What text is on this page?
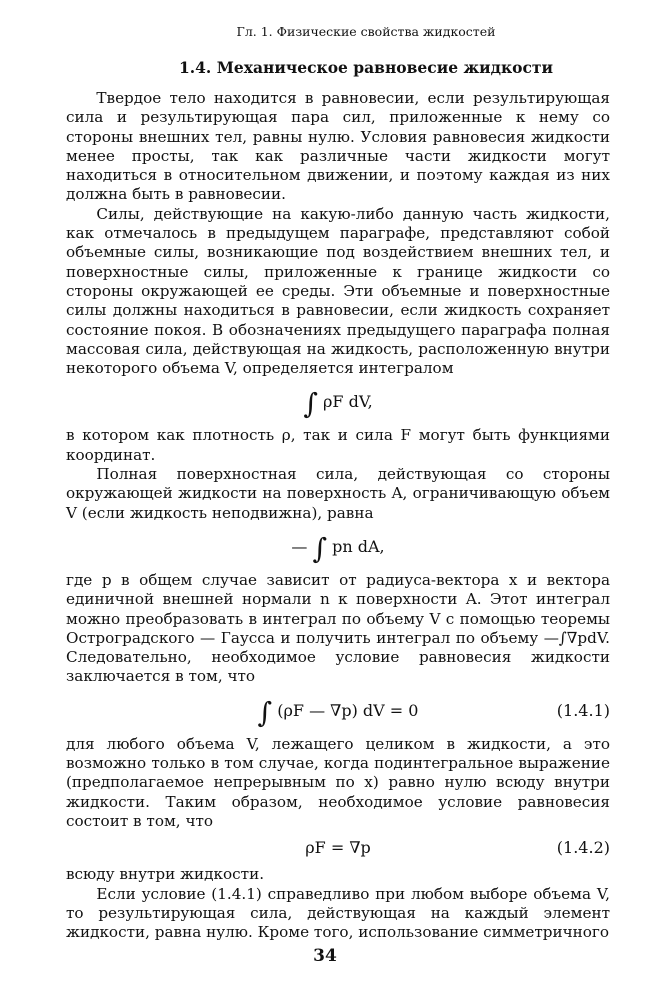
Гл. 1. Физические свойства жидкостей
1.4. Механическое равновесие жидкости

Твердое тело находится в равновесии, если результирующая сила и результирующая пара сил, приложенные к нему со стороны внешних тел, равны нулю. Условия равновесия жидкости менее просты, так как различные части жидкости могут находиться в относительном движении, и поэтому каждая из них должна быть в равновесии.

Силы, действующие на какую-либо данную часть жидкости, как отмечалось в предыдущем параграфе, представляют собой объемные силы, возникающие под воздействием внешних тел, и поверхностные силы, приложенные к границе жидкости со стороны окружающей ее среды. Эти объемные и поверхностные силы должны находиться в равновесии, если жидкость сохраняет состояние покоя. В обозначениях предыдущего параграфа полная массовая сила, действующая на жидкость, расположенную внутри некоторого объема V, определяется интегралом

∫ ρF dV,

в котором как плотность ρ, так и сила F могут быть функциями координат.

Полная поверхностная сила, действующая со стороны окружающей жидкости на поверхность A, ограничивающую объем V (если жидкость неподвижна), равна

— ∫ pn dA,

где p в общем случае зависит от радиуса-вектора x и вектора единичной внешней нормали n к поверхности A. Этот интеграл можно преобразовать в интеграл по объему V с помощью теоремы Остроградского — Гаусса и получить интеграл по объему —∫∇pdV. Следовательно, необходимое условие равновесия жидкости заключается в том, что

∫ (ρF — ∇p) dV = 0	(1.4.1)

для любого объема V, лежащего целиком в жидкости, а это возможно только в том случае, когда подинтегральное выражение (предполагаемое непрерывным по x) равно нулю всюду внутри жидкости. Таким образом, необходимое условие равновесия состоит в том, что

ρF = ∇p	(1.4.2)

всюду внутри жидкости.

Если условие (1.4.1) справедливо при любом выборе объема V, то результирующая сила, действующая на каждый элемент жидкости, равна нулю. Кроме того, использование симметричного

34
